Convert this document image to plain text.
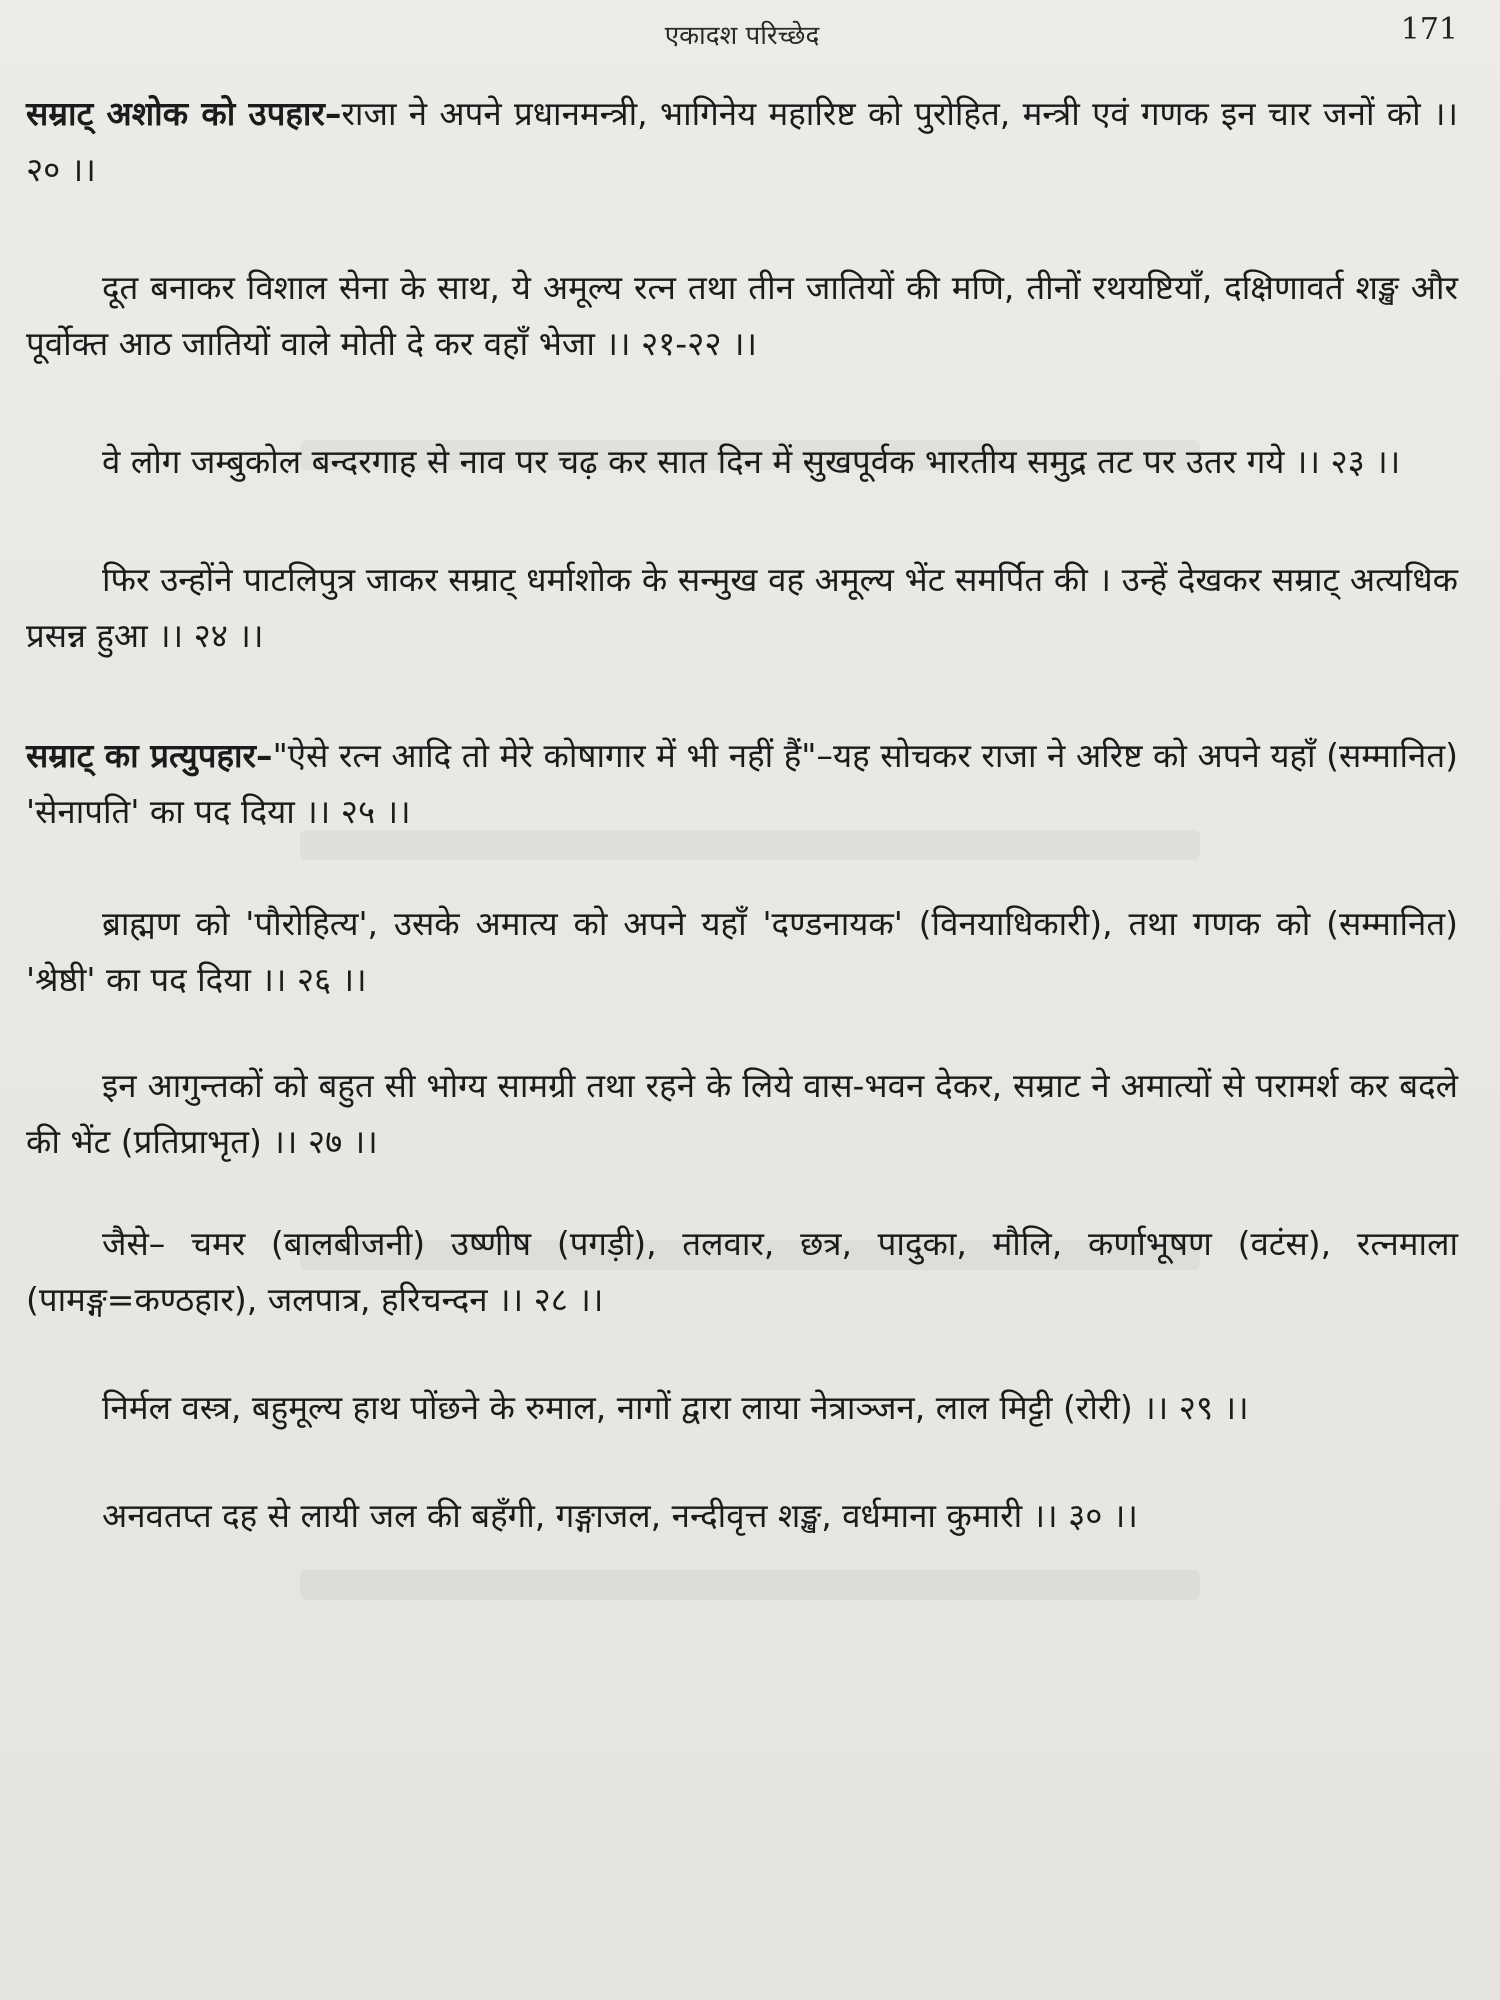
एकादश परिच्छेद	171

सम्राट् अशोक को उपहार–राजा ने अपने प्रधानमन्त्री, भागिनेय महारिष्ट को पुरोहित, मन्त्री एवं गणक इन चार जनों को ।। २० ।।

दूत बनाकर विशाल सेना के साथ, ये अमूल्य रत्न तथा तीन जातियों की मणि, तीनों रथयष्टियाँ, दक्षिणावर्त शङ्ख और पूर्वोक्त आठ जातियों वाले मोती दे कर वहाँ भेजा ।। २१-२२ ।।

वे लोग जम्बुकोल बन्दरगाह से नाव पर चढ़ कर सात दिन में सुखपूर्वक भारतीय समुद्र तट पर उतर गये ।। २३ ।।

फिर उन्होंने पाटलिपुत्र जाकर सम्राट् धर्माशोक के सन्मुख वह अमूल्य भेंट समर्पित की । उन्हें देखकर सम्राट् अत्यधिक प्रसन्न हुआ ।। २४ ।।

सम्राट् का प्रत्युपहार–"ऐसे रत्न आदि तो मेरे कोषागार में भी नहीं हैं"–यह सोचकर राजा ने अरिष्ट को अपने यहाँ (सम्मानित) 'सेनापति' का पद दिया ।। २५ ।।

ब्राह्मण को 'पौरोहित्य', उसके अमात्य को अपने यहाँ 'दण्डनायक' (विनयाधिकारी), तथा गणक को (सम्मानित) 'श्रेष्ठी' का पद दिया ।। २६ ।।

इन आगुन्तकों को बहुत सी भोग्य सामग्री तथा रहने के लिये वास-भवन देकर, सम्राट ने अमात्यों से परामर्श कर बदले की भेंट (प्रतिप्राभृत) ।। २७ ।।

जैसे– चमर (बालबीजनी) उष्णीष (पगड़ी), तलवार, छत्र, पादुका, मौलि, कर्णाभूषण (वटंस), रत्नमाला (पामङ्ग=कण्ठहार), जलपात्र, हरिचन्दन ।। २८ ।।

निर्मल वस्त्र, बहुमूल्य हाथ पोंछने के रुमाल, नागों द्वारा लाया नेत्राञ्जन, लाल मिट्टी (रोरी) ।। २९ ।।

अनवतप्त दह से लायी जल की बहँगी, गङ्गाजल, नन्दीवृत्त शङ्ख, वर्धमाना कुमारी ।। ३० ।।
